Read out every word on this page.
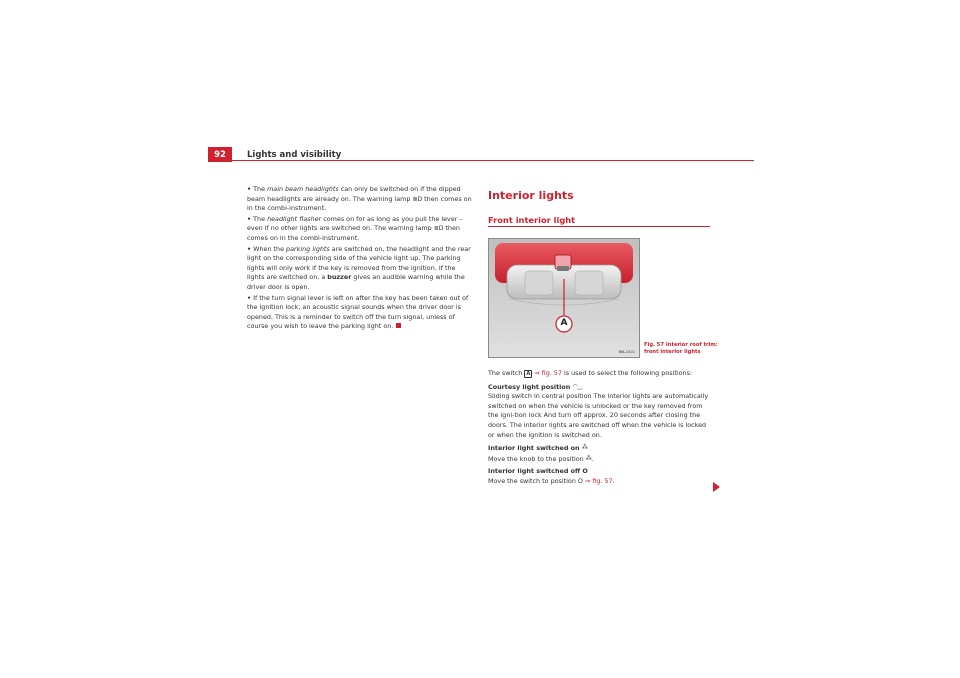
92	Lights and visibility

• The main beam headlights can only be switched on if the dipped beam headlights are already on. The warning lamp ≣D then comes on in the combi-instrument.

• The headlight flasher comes on for as long as you pull the lever – even if no other lights are switched on. The warning lamp ≣D then comes on in the combi-instrument.

• When the parking lights are switched on, the headlight and the rear light on the corresponding side of the vehicle light up. The parking lights will only work if the key is removed from the ignition. If the lights are switched on, a buzzer gives an audible warning while the driver door is open.

• If the turn signal lever is left on after the key has been taken out of the ignition lock, an acoustic signal sounds when the driver door is opened. This is a reminder to switch off the turn signal, unless of course you wish to leave the parking light on.

Interior lights
Front interior light
A
B6L-0101
Fig. 57 Interior roof trim:
front interior lights

The switch A ⇒ fig. 57 is used to select the following positions:

Courtesy light position ◠‿

Sliding switch in central position The interior lights are automatically switched on when the vehicle is unlocked or the key removed from the igni-tion lock And turn off approx. 20 seconds after closing the doors. The interior lights are switched off when the vehicle is locked or when the ignition is switched on.

Interior light switched on ⁂

Move the knob to the position ⁂.

Interior light switched off O

Move the switch to position O ⇒ fig. 57.
